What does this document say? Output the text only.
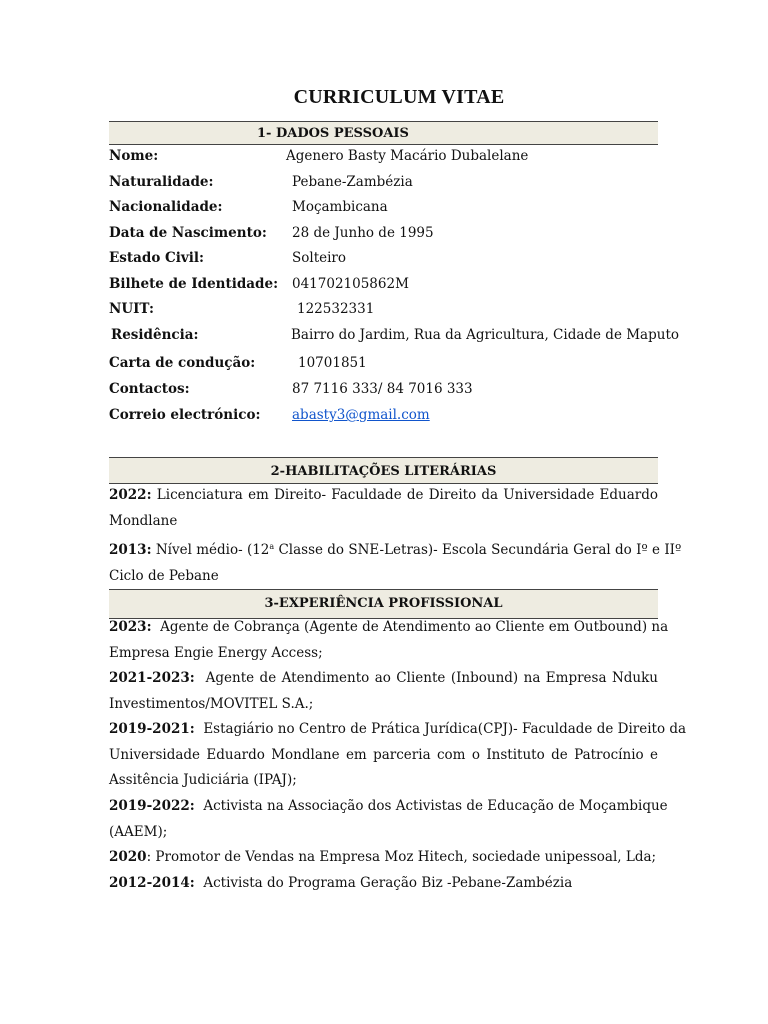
CURRICULUM VITAE
1- DADOS PESSOAIS
Nome:	Agenero Basty Macário Dubalelane
Naturalidade:	Pebane-Zambézia
Nacionalidade:	Moçambicana
Data de Nascimento: 28 de Junho de 1995
Estado Civil:	Solteiro
Bilhete de Identidade: 041702105862M
NUIT:	122532331
Residência:	Bairro do Jardim, Rua da Agricultura, Cidade de Maputo
Carta de condução:	10701851
Contactos:	87 7116 333/ 84 7016 333
Correio electrónico: abasty3@gmail.com
2-HABILITAÇÕES LITERÁRIAS
2022: Licenciatura em Direito- Faculdade de Direito da Universidade Eduardo
Mondlane
2013: Nível médio- (12$^a$ Classe do SNE-Letras)- Escola Secundária Geral do Iº e IIº
Ciclo de Pebane
3-EXPERIÊNCIA PROFISSIONAL
2023: Agente de Cobrança (Agente de Atendimento ao Cliente em Outbound) na
Empresa Engie Energy Access;
2021-2023: Agente de Atendimento ao Cliente (Inbound) na Empresa Nduku
Investimentos/MOVITEL S.A.;
2019-2021: Estagiário no Centro de Prática Jurídica(CPJ)- Faculdade de Direito da
Universidade Eduardo Mondlane em parceria com o Instituto de Patrocínio e
Assitência Judiciária (IPAJ);
2019-2022: Activista na Associação dos Activistas de Educação de Moçambique
(AAEM);
2020: Promotor de Vendas na Empresa Moz Hitech, sociedade unipessoal, Lda;
2012-2014: Activista do Programa Geração Biz -Pebane-Zambézia
